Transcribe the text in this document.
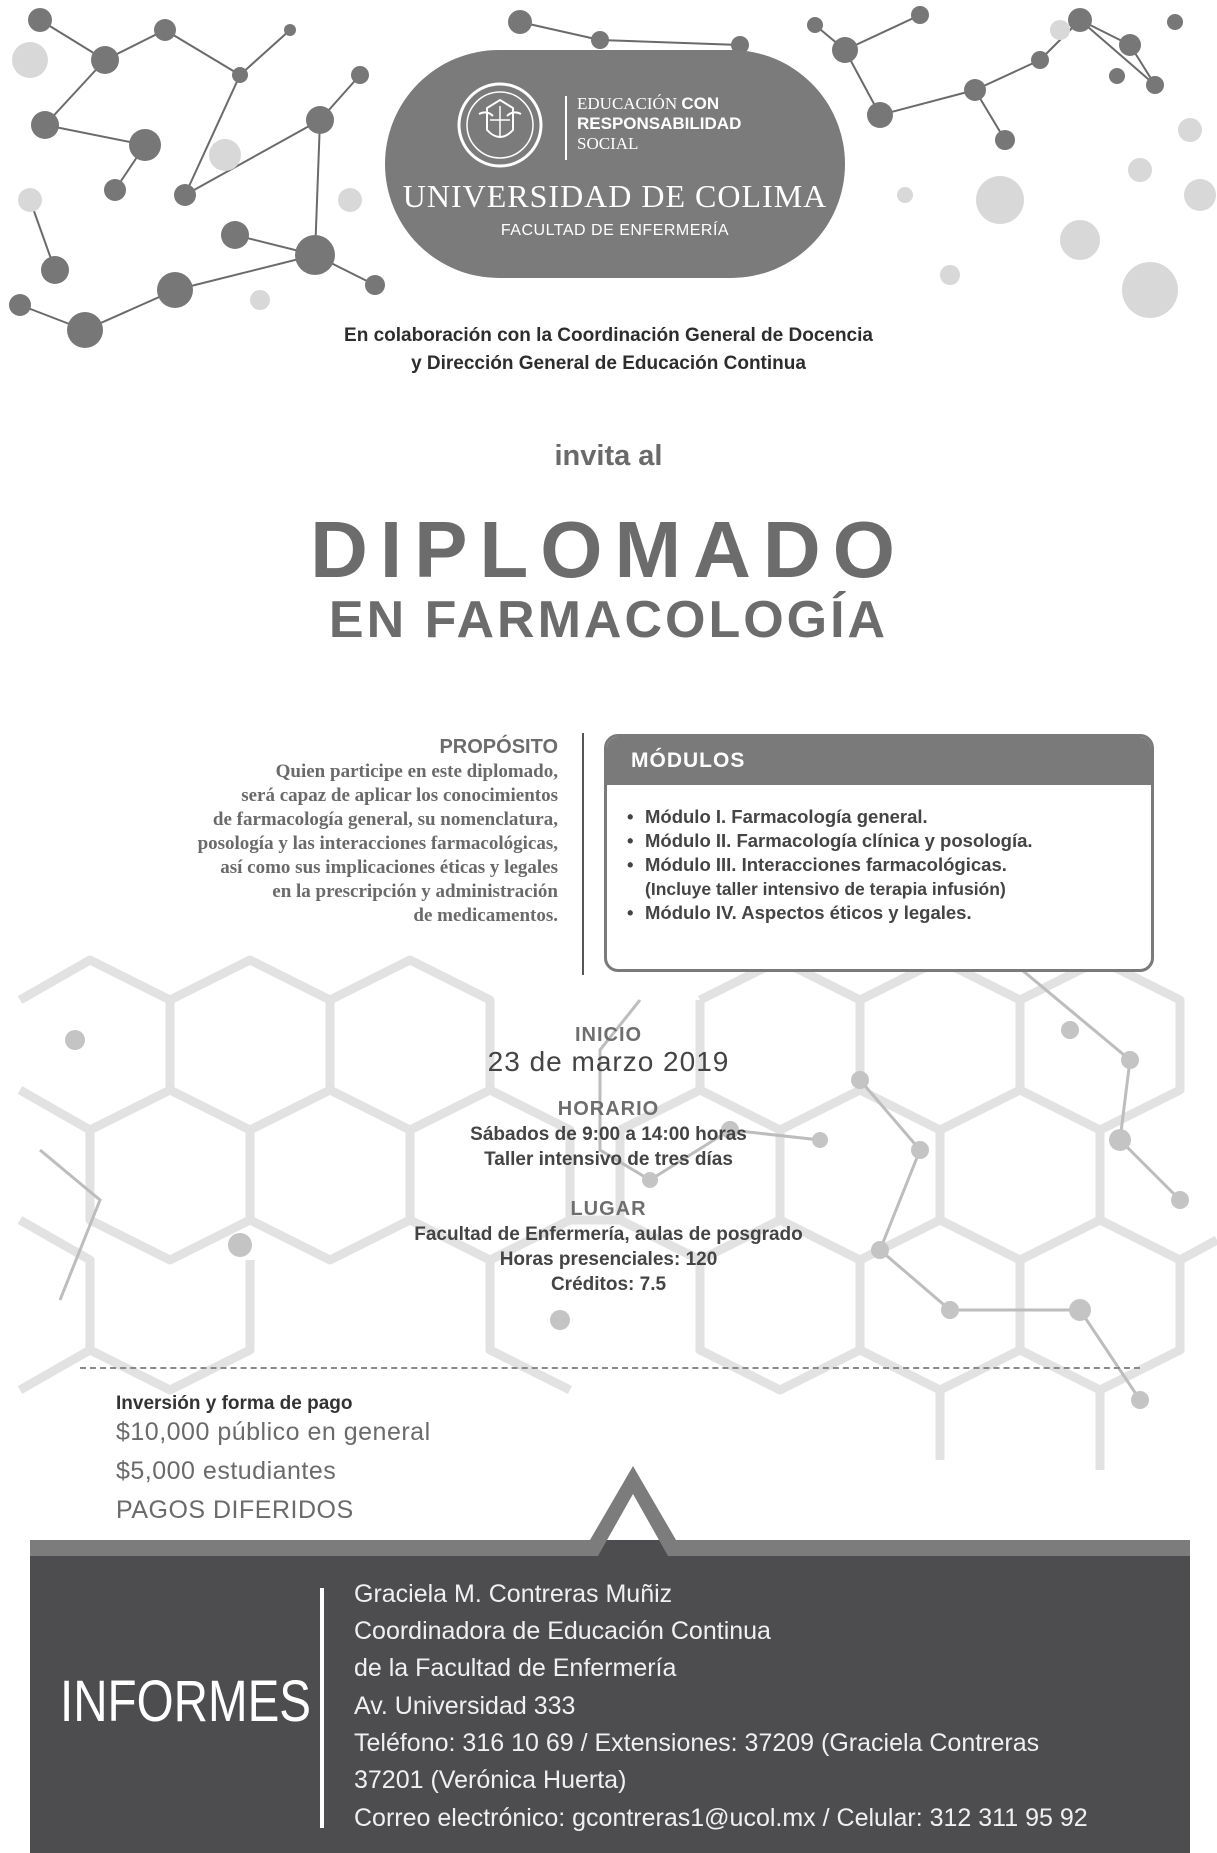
EDUCACIÓN CON
RESPONSABILIDAD
SOCIAL
UNIVERSIDAD DE COLIMA
FACULTAD DE ENFERMERÍA
En colaboración con la Coordinación General de Docencia
y Dirección General de Educación Continua
invita al
DIPLOMADO
EN FARMACOLOGÍA
PROPÓSITO
Quien participe en este diplomado,
será capaz de aplicar los conocimientos
de farmacología general, su nomenclatura,
posología y las interacciones farmacológicas,
así como sus implicaciones éticas y legales
en la prescripción y administración
de medicamentos.
MÓDULOS
• Módulo I. Farmacología general.
• Módulo II. Farmacología clínica y posología.
• Módulo III. Interacciones farmacológicas.
(Incluye taller intensivo de terapia infusión)
• Módulo IV. Aspectos éticos y legales.
INICIO
23 de marzo 2019
HORARIO
Sábados de 9:00 a 14:00 horas
Taller intensivo de tres días
LUGAR
Facultad de Enfermería, aulas de posgrado
Horas presenciales: 120
Créditos: 7.5
Inversión y forma de pago
$10,000 público en general
$5,000 estudiantes
PAGOS DIFERIDOS
INFORMES
Graciela M. Contreras Muñiz
Coordinadora de Educación Continua
de la Facultad de Enfermería
Av. Universidad 333
Teléfono: 316 10 69 / Extensiones: 37209 (Graciela Contreras
37201 (Verónica Huerta)
Correo electrónico: gcontreras1@ucol.mx / Celular: 312 311 95 92
